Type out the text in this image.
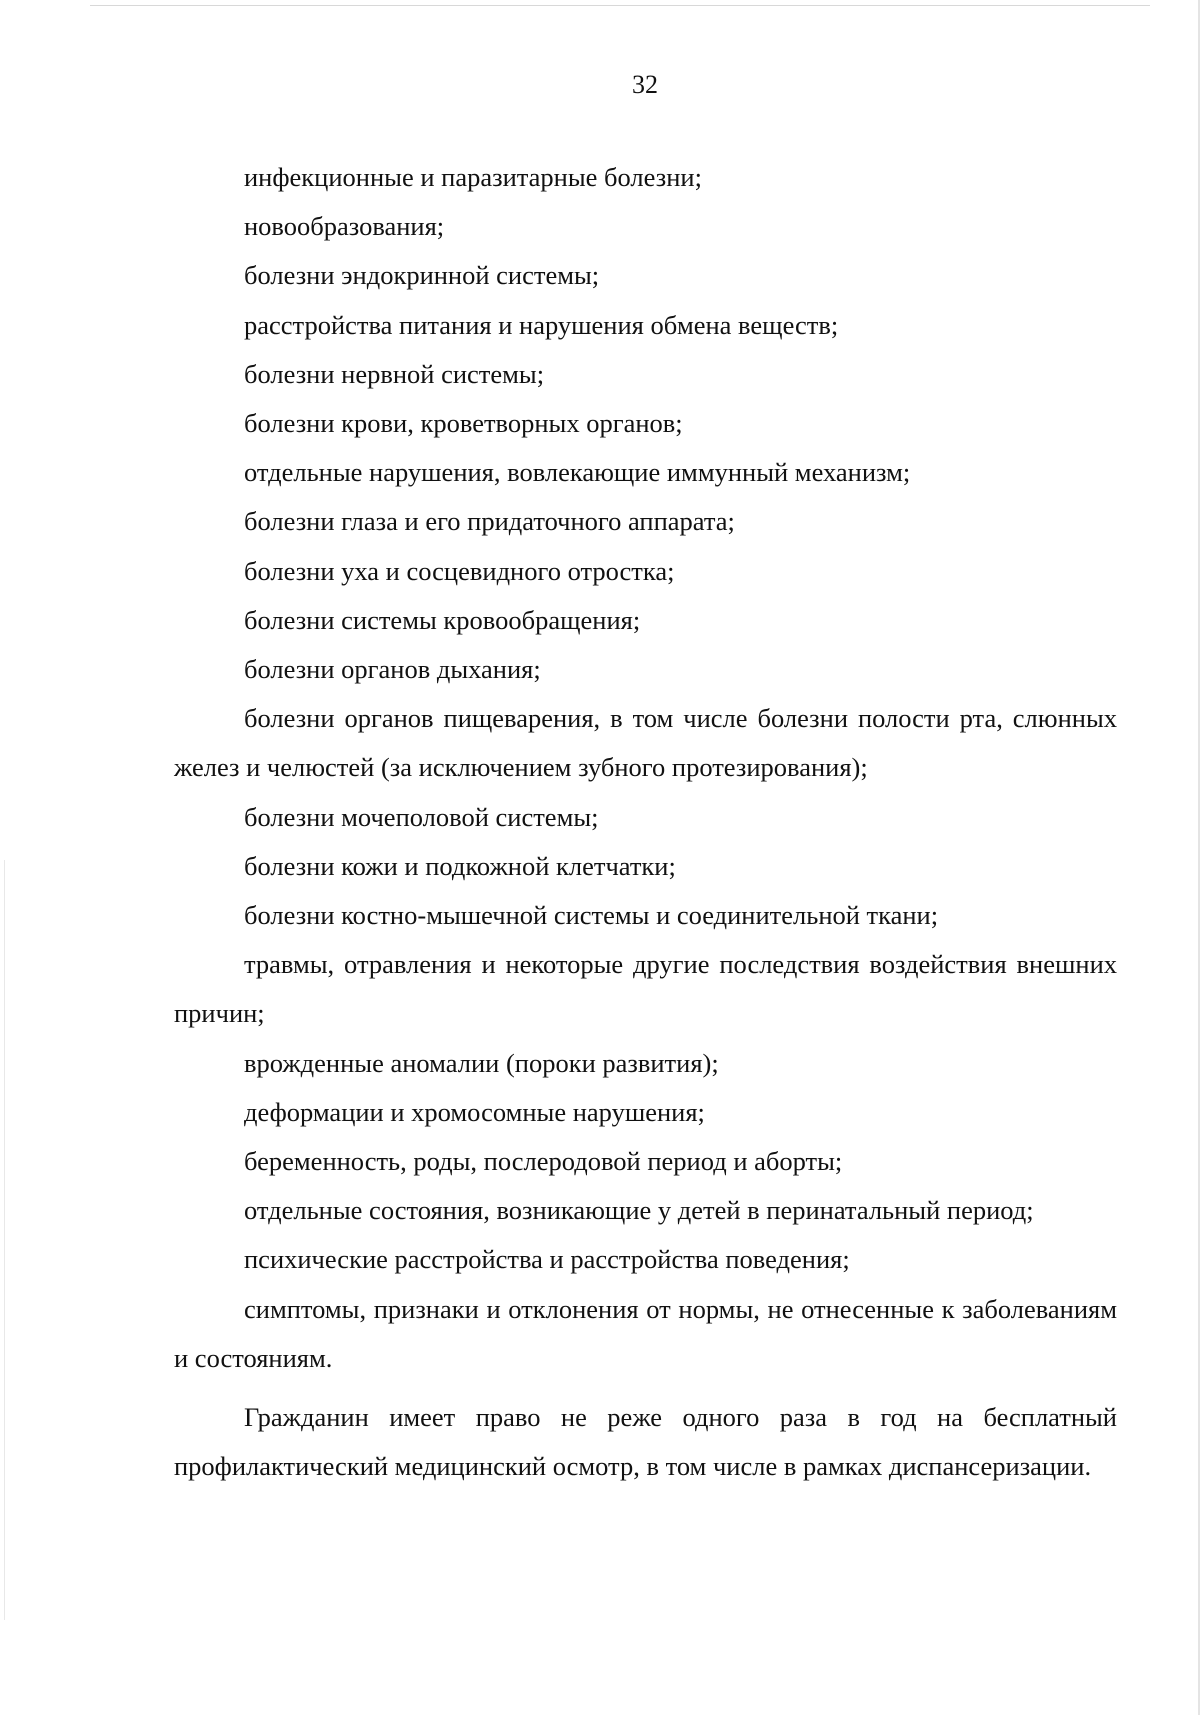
32

инфекционные и паразитарные болезни;

новообразования;

болезни эндокринной системы;

расстройства питания и нарушения обмена веществ;

болезни нервной системы;

болезни крови, кроветворных органов;

отдельные нарушения, вовлекающие иммунный механизм;

болезни глаза и его придаточного аппарата;

болезни уха и сосцевидного отростка;

болезни системы кровообращения;

болезни органов дыхания;

болезни органов пищеварения, в том числе болезни полости рта, слюнных желез и челюстей (за исключением зубного протезирования);

болезни мочеполовой системы;

болезни кожи и подкожной клетчатки;

болезни костно-мышечной системы и соединительной ткани;

травмы, отравления и некоторые другие последствия воздействия внешних причин;

врожденные аномалии (пороки развития);

деформации и хромосомные нарушения;

беременность, роды, послеродовой период и аборты;

отдельные состояния, возникающие у детей в перинатальный период;

психические расстройства и расстройства поведения;

симптомы, признаки и отклонения от нормы, не отнесенные к заболеваниям и состояниям.

Гражданин имеет право не реже одного раза в год на бесплатный профилактический медицинский осмотр, в том числе в рамках диспансеризации.
